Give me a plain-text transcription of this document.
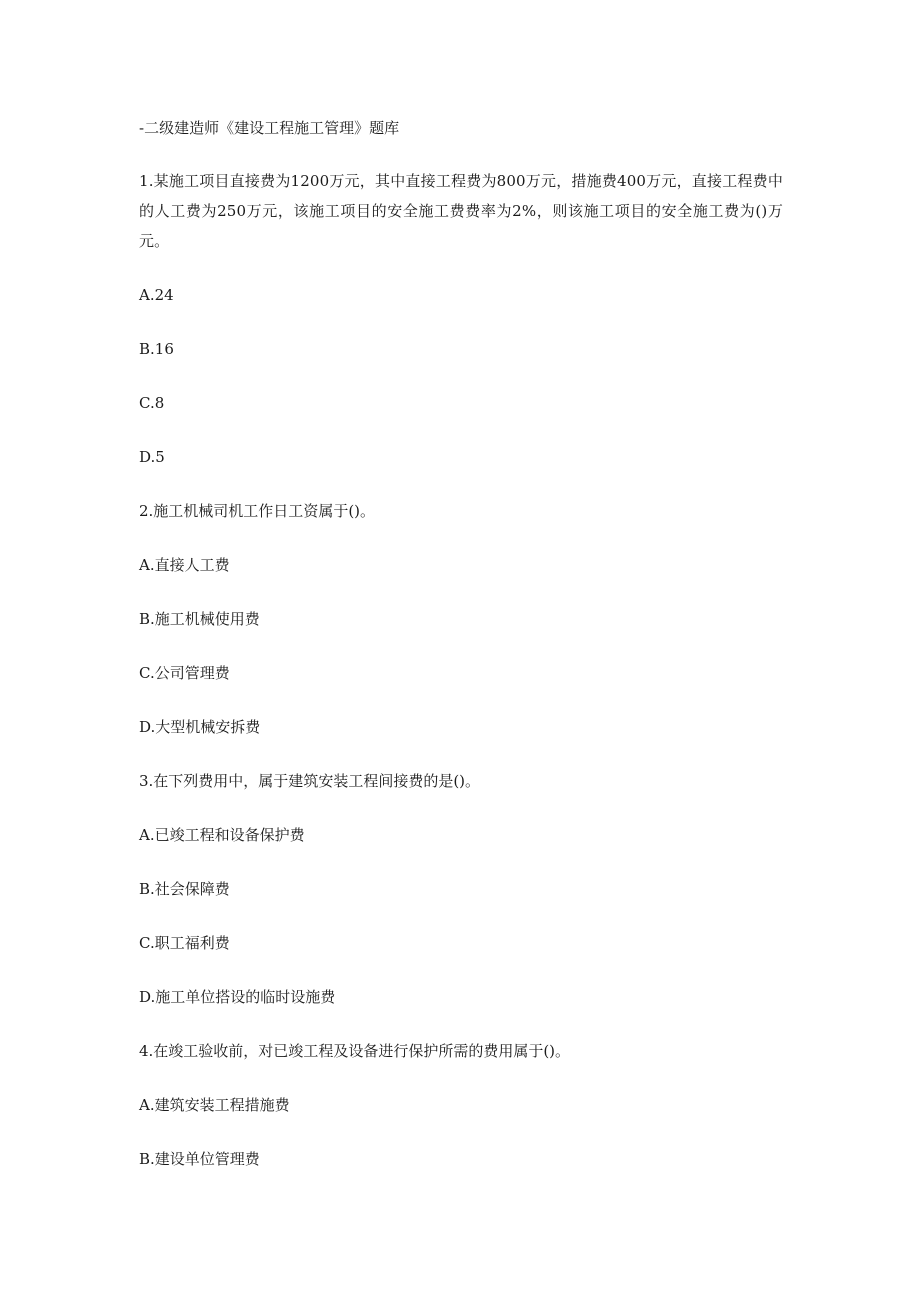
-二级建造师《建设工程施工管理》题库

1.某施工项目直接费为1200万元，其中直接工程费为800万元，措施费400万元，直接工程费中的人工费为250万元，该施工项目的安全施工费费率为2%，则该施工项目的安全施工费为()万元。

A.24

B.16

C.8

D.5

2.施工机械司机工作日工资属于()。

A.直接人工费

B.施工机械使用费

C.公司管理费

D.大型机械安拆费

3.在下列费用中，属于建筑安装工程间接费的是()。

A.已竣工程和设备保护费

B.社会保障费

C.职工福利费

D.施工单位搭设的临时设施费

4.在竣工验收前，对已竣工程及设备进行保护所需的费用属于()。

A.建筑安装工程措施费

B.建设单位管理费
